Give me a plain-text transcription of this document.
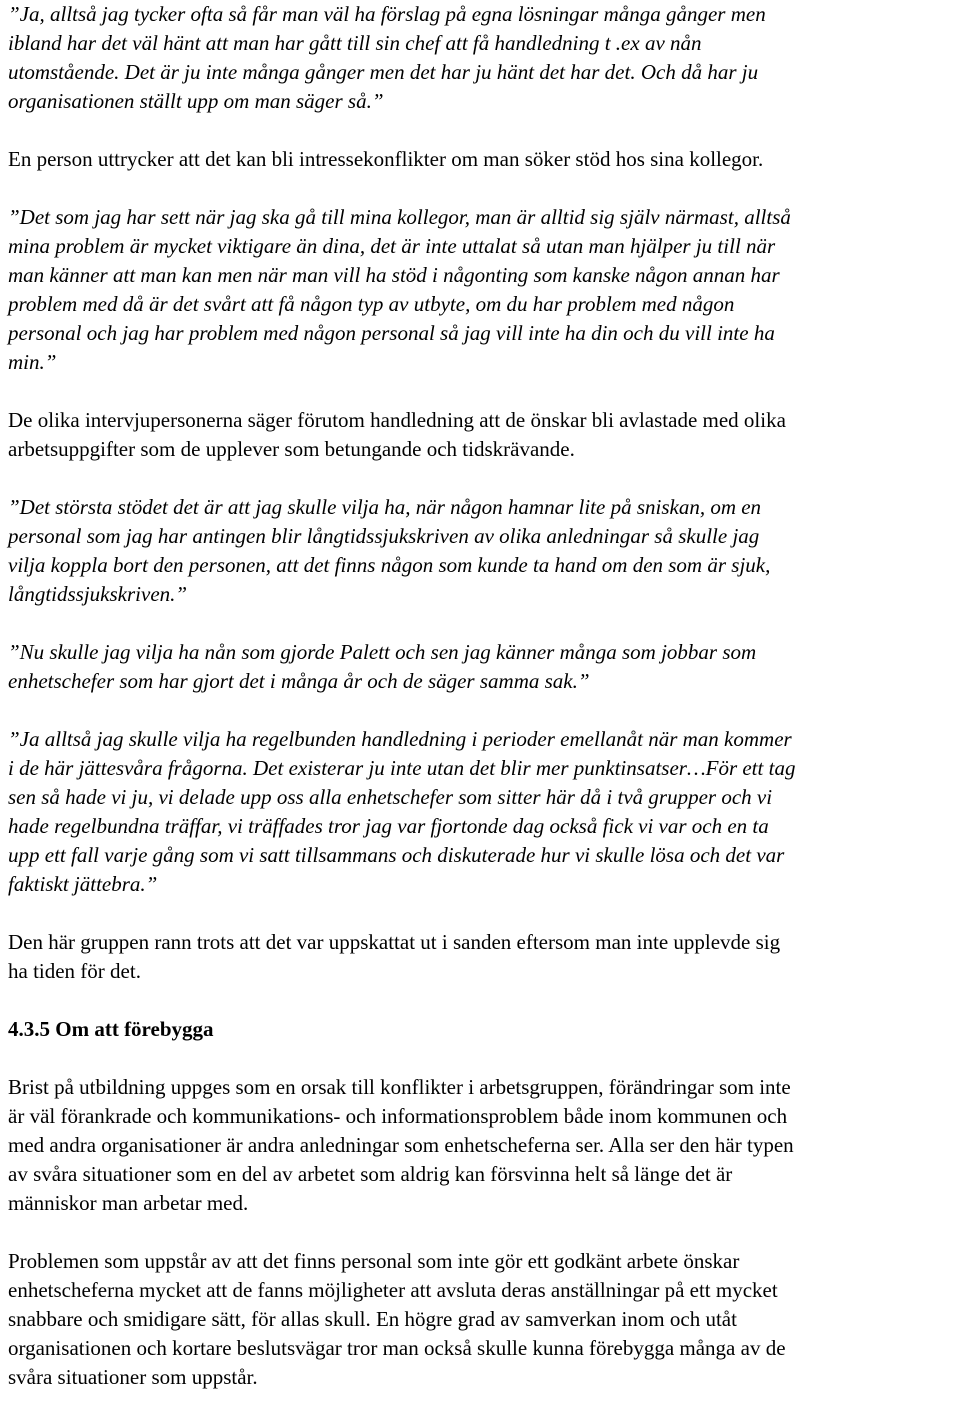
”Ja, alltså jag tycker ofta så får man väl ha förslag på egna lösningar många gånger men
ibland har det väl hänt att man har gått till sin chef att få handledning t .ex av nån
utomstående. Det är ju inte många gånger men det har ju hänt det har det. Och då har ju
organisationen ställt upp om man säger så.”

En person uttrycker att det kan bli intressekonflikter om man söker stöd hos sina kollegor.

”Det som jag har sett när jag ska gå till mina kollegor, man är alltid sig själv närmast, alltså
mina problem är mycket viktigare än dina, det är inte uttalat så utan man hjälper ju till när
man känner att man kan men när man vill ha stöd i någonting som kanske någon annan har
problem med då är det svårt att få någon typ av utbyte, om du har problem med någon
personal och jag har problem med någon personal så jag vill inte ha din och du vill inte ha
min.”

De olika intervjupersonerna säger förutom handledning att de önskar bli avlastade med olika
arbetsuppgifter som de upplever som betungande och tidskrävande.

”Det största stödet det är att jag skulle vilja ha, när någon hamnar lite på sniskan, om en
personal som jag har antingen blir långtidssjukskriven av olika anledningar så skulle jag
vilja koppla bort den personen, att det finns någon som kunde ta hand om den som är sjuk,
långtidssjukskriven.”

”Nu skulle jag vilja ha nån som gjorde Palett och sen jag känner många som jobbar som
enhetschefer som har gjort det i många år och de säger samma sak.”

”Ja alltså jag skulle vilja ha regelbunden handledning i perioder emellanåt när man kommer
i de här jättesvåra frågorna. Det existerar ju inte utan det blir mer punktinsatser…För ett tag
sen så hade vi ju, vi delade upp oss alla enhetschefer som sitter här då i två grupper och vi
hade regelbundna träffar, vi träffades tror jag var fjortonde dag också fick vi var och en ta
upp ett fall varje gång som vi satt tillsammans och diskuterade hur vi skulle lösa och det var
faktiskt jättebra.”

Den här gruppen rann trots att det var uppskattat ut i sanden eftersom man inte upplevde sig
ha tiden för det.

4.3.5 Om att förebygga

Brist på utbildning uppges som en orsak till konflikter i arbetsgruppen, förändringar som inte
är väl förankrade och kommunikations- och informationsproblem både inom kommunen och
med andra organisationer är andra anledningar som enhetscheferna ser. Alla ser den här typen
av svåra situationer som en del av arbetet som aldrig kan försvinna helt så länge det är
människor man arbetar med.

Problemen som uppstår av att det finns personal som inte gör ett godkänt arbete önskar
enhetscheferna mycket att de fanns möjligheter att avsluta deras anställningar på ett mycket
snabbare och smidigare sätt, för allas skull. En högre grad av samverkan inom och utåt
organisationen och kortare beslutsvägar tror man också skulle kunna förebygga många av de
svåra situationer som uppstår.
